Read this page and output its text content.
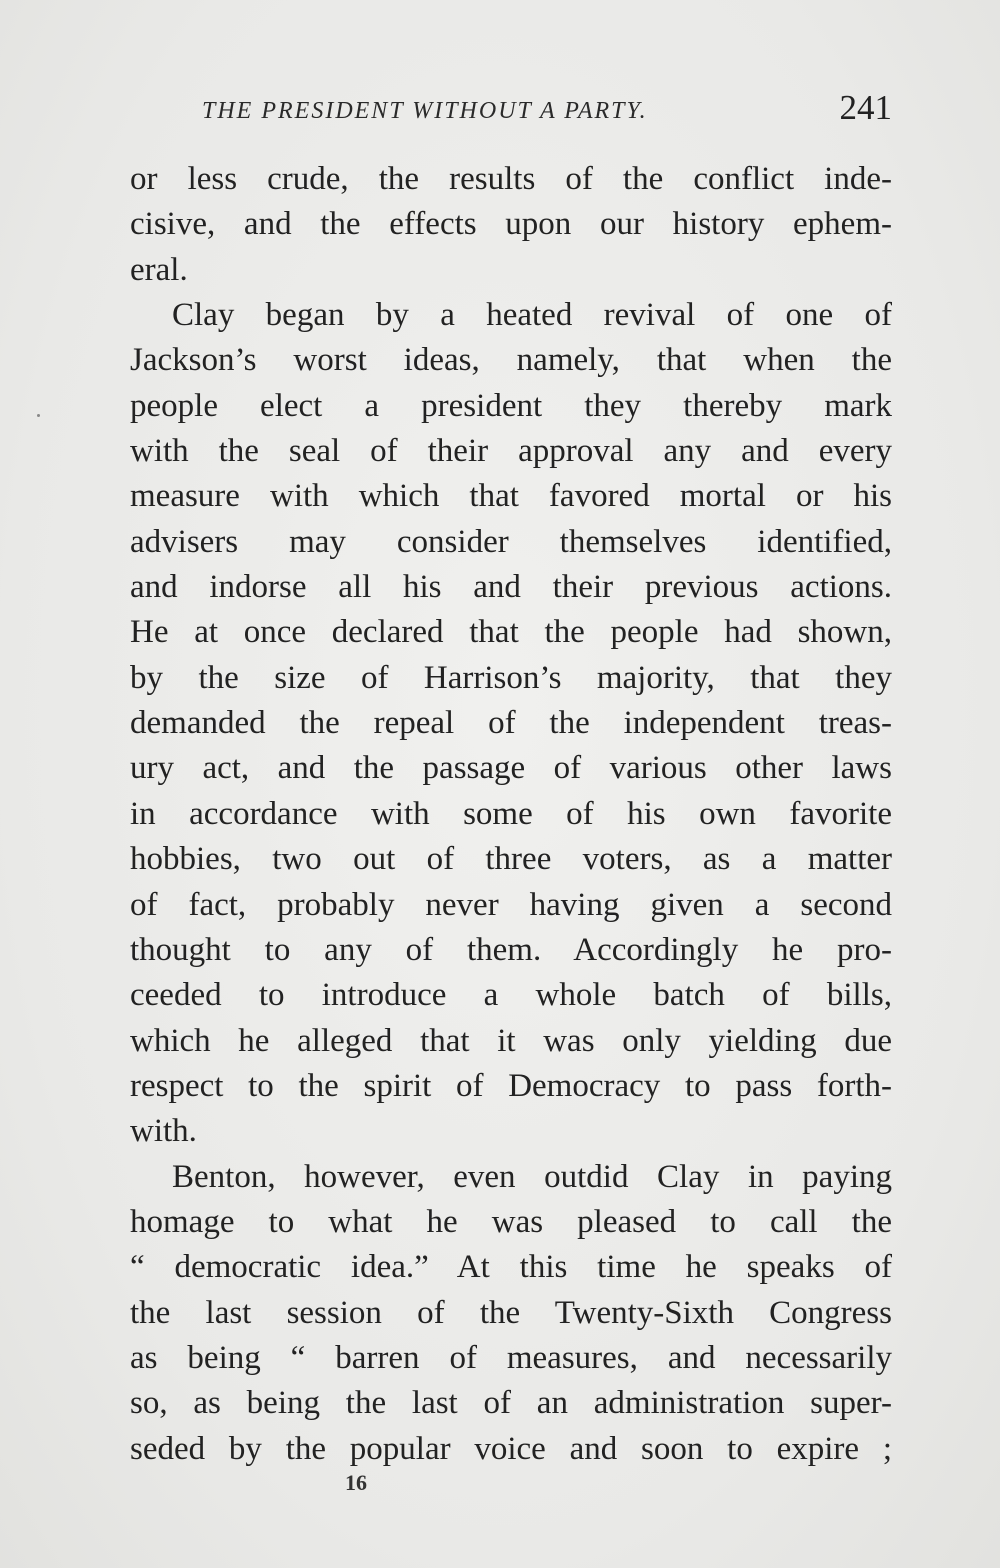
THE PRESIDENT WITHOUT A PARTY.	241
or less crude, the results of the conflict inde-
cisive, and the effects upon our history ephem-
eral.
Clay began by a heated revival of one of
Jackson’s worst ideas, namely, that when the
people elect a president they thereby mark
with the seal of their approval any and every
measure with which that favored mortal or his
advisers may consider themselves identified,
and indorse all his and their previous actions.
He at once declared that the people had shown,
by the size of Harrison’s majority, that they
demanded the repeal of the independent treas-
ury act, and the passage of various other laws
in accordance with some of his own favorite
hobbies, two out of three voters, as a matter
of fact, probably never having given a second
thought to any of them. Accordingly he pro-
ceeded to introduce a whole batch of bills,
which he alleged that it was only yielding due
respect to the spirit of Democracy to pass forth-
with.
Benton, however, even outdid Clay in paying
homage to what he was pleased to call the
“ democratic idea.” At this time he speaks of
the last session of the Twenty-Sixth Congress
as being “ barren of measures, and necessarily
so, as being the last of an administration super-
seded by the popular voice and soon to expire ;
16
